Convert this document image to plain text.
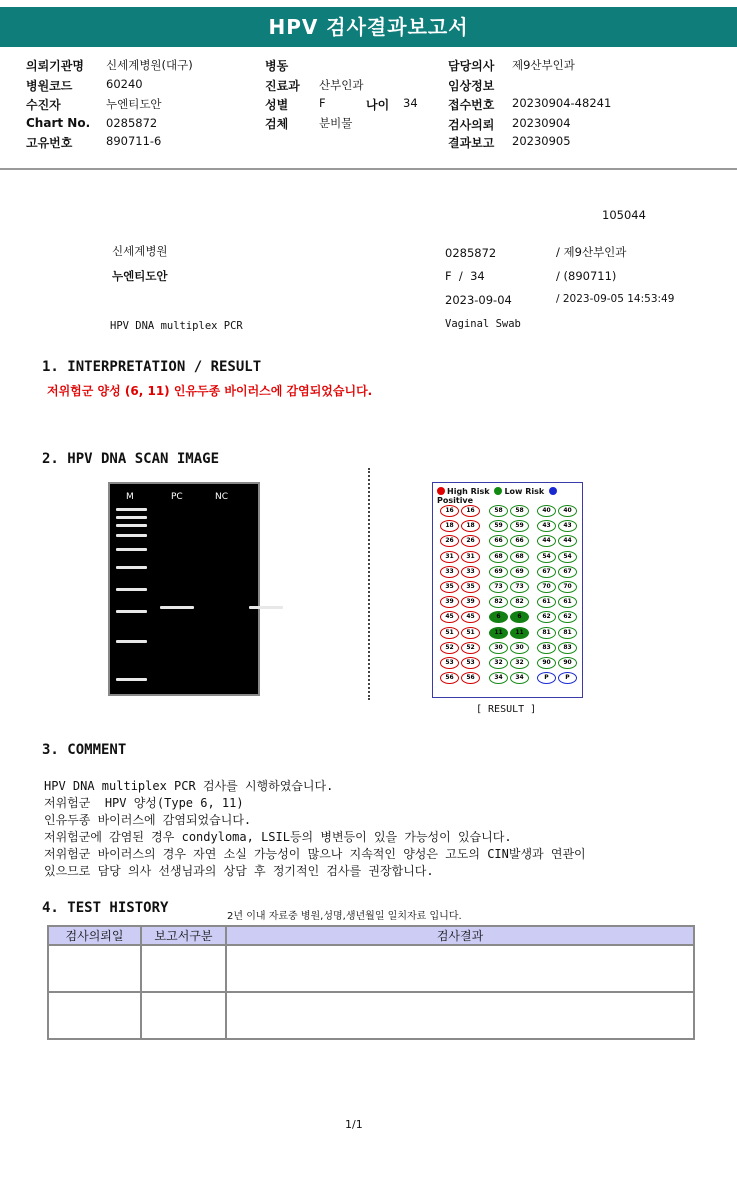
HPV 검사결과보고서
의뢰기관명 신세계병원(대구)
병원코드	60240
수진자	누엔티도안
Chart No. 0285872
고유번호	890711-6
병동
진료과 산부인과
성별	F	나이 34
검체	분비물
담당의사 제9산부인과
임상정보
접수번호 20230904-48241
검사의뢰 20230904
결과보고 20230905
105044
신세계병원
누엔티도안
0285872	/ 제9산부인과
F  /  34	/ (890711)
2023-09-04	/ 2023-09-05 14:53:49
HPV DNA multiplex PCR	Vaginal Swab
1. INTERPRETATION / RESULT
저위험군 양성 (6, 11) 인유두종 바이러스에 감염되었습니다.
2. HPV DNA SCAN IMAGE
M	PC	NC	SA
High Risk Low Risk Positive
16	16	58	58	40	40
18	18	59	59	43	43
26	26	66	66	44	44
31	31	68	68	54	54
33	33	69	69	67	67
35	35	73	73	70	70
39	39	82	82	61	61
45	45	6	6	62	62
51	51	11	11	81	81
52	52	30	30	83	83
53	53	32	32	90	90
56	56	34	34	P	P
[ RESULT ]
3. COMMENT
HPV DNA multiplex PCR 검사를 시행하였습니다.
저위험군  HPV 양성(Type 6, 11)
인유두종 바이러스에 감염되었습니다.
저위험군에 감염된 경우 condyloma, LSIL등의 병변등이 있을 가능성이 있습니다.
저위험군 바이러스의 경우 자연 소실 가능성이 많으나 지속적인 양성은 고도의 CIN발생과 연관이
있으므로 담당 의사 선생님과의 상담 후 정기적인 검사를 권장합니다.
4. TEST HISTORY
2년 이내 자료중 병원,성명,생년월일 일치자료 입니다.
검사의뢰일	보고서구분	검사결과

1/1
